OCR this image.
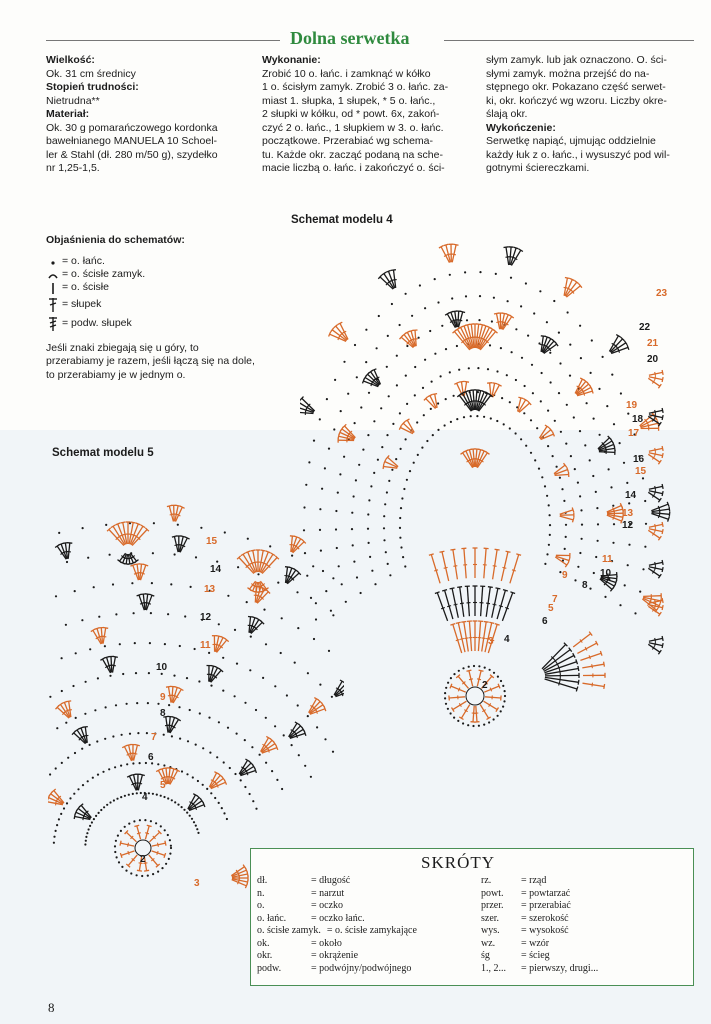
Dolna serwetka
Wielkość:
Ok. 31 cm średnicy
Stopień trudności:
Nietrudna**
Materiał:
Ok. 30 g pomarańczowego kordonka
bawełnianego MANUELA 10 Schoel-
ler & Stahl (dł. 280 m/50 g), szydełko
nr 1,25-1,5.
Wykonanie:
Zrobić 10 o. łańc. i zamknąć w kółko
1 o. ścisłym zamyk. Zrobić 3 o. łańc. za-
miast 1. słupka, 1 słupek, * 5 o. łańc.,
2 słupki w kółku, od * powt. 6x, zakoń-
czyć 2 o. łańc., 1 słupkiem w 3. o. łańc.
początkowe. Przerabiać wg schema-
tu. Każde okr. zacząć podaną na sche-
macie liczbą o. łańc. i zakończyć o. ści-
słym zamyk. lub jak oznaczono. O. ści-
słymi zamyk. można przejść do na-
stępnego okr. Pokazano część serwet-
ki, okr. kończyć wg wzoru. Liczby okre-
ślają okr.
Wykończenie:
Serwetkę napiąć, ujmując oddzielnie
każdy łuk z o. łańc., i wysuszyć pod wil-
gotnymi ściereczkami.
Objaśnienia do schematów:
= o. łańc.
= o. ścisłe zamyk.
= o. ścisłe
= słupek
= podw. słupek
Jeśli znaki zbiegają się u góry, to przerabiamy je razem, jeśli łączą się na dole, to przerabiamy je w jednym o.
Schemat modelu 4
Schemat modelu 5
2
3 4
5
6
7
8
9	10
11
12
13
14
15
16
17
18
19
20
21
22
23
2
3
4
5
6
7
8
9
10
11
12
13
14
15
SKRÓTY
dł.	= długość
n.	= narzut
o.	= oczko
o. łańc.	= oczko łańc.
o. ścisłe zamyk. = o. ścisłe zamykające
ok.	= około
okr.	= okrążenie
podw.	= podwójny/podwójnego
rz.	= rząd
powt.	= powtarzać
przer.	= przerabiać
szer.	= szerokość
wys.	= wysokość
wz.	= wzór
śg	= ścieg
1., 2...	= pierwszy, drugi...
8
